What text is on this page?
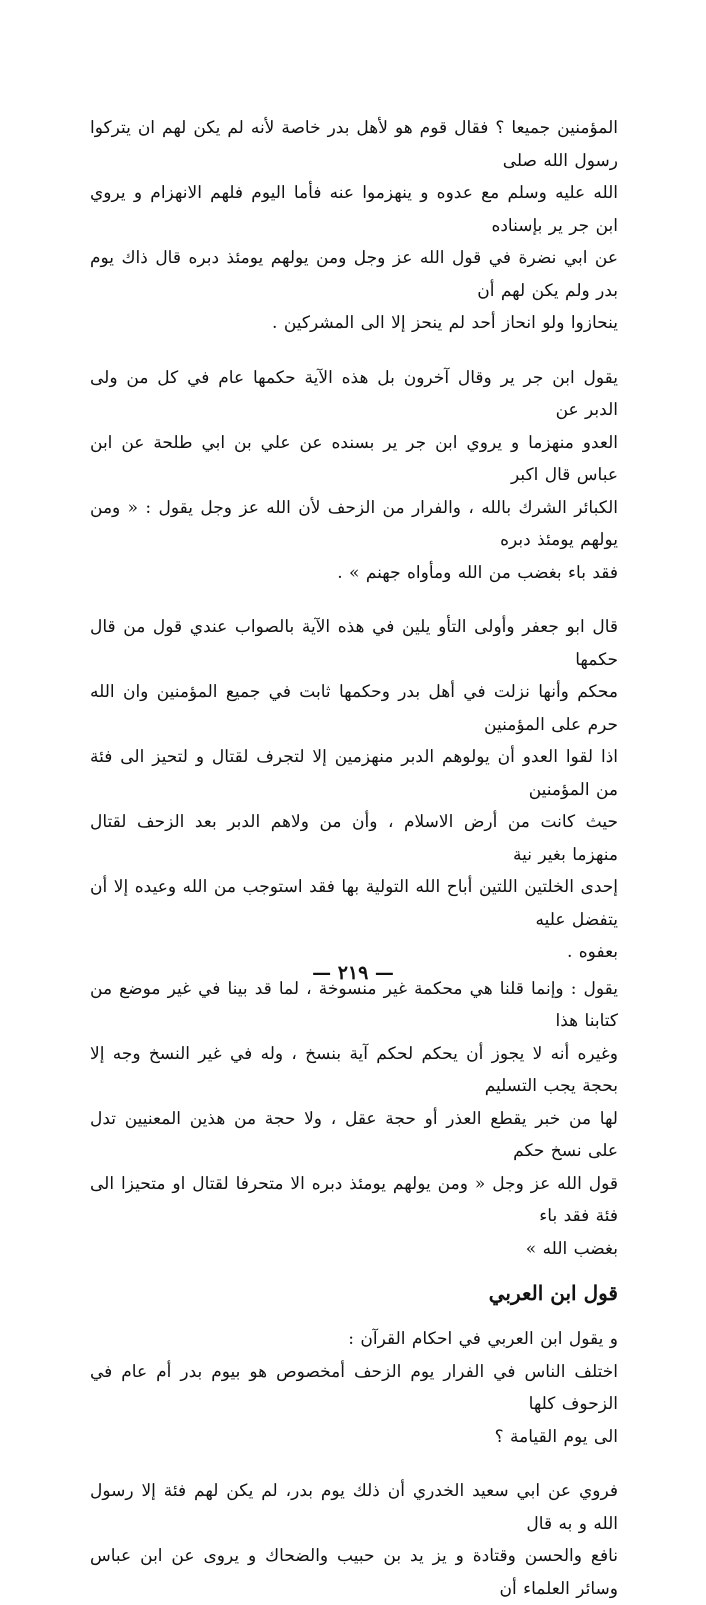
المؤمنين جميعا ؟ فقال قوم هو لأهل بدر خاصة لأنه لم يكن لهم ان يتركوا رسول الله صلى
الله عليه وسلم مع عدوه و ينهزموا عنه فأما اليوم فلهم الانهزام و يروي ابن جر ير بإسناده
عن ابي نضرة في قول الله عز وجل ومن يولهم يومئذ دبره قال ذاك يوم بدر ولم يكن لهم أن
ينحازوا ولو انحاز أحد لم ينحز إلا الى المشركين .

يقول ابن جر ير وقال آخرون بل هذه الآية حكمها عام في كل من ولى الدبر عن
العدو منهزما و يروي ابن جر ير بسنده عن علي بن ابي طلحة عن ابن عباس قال اكبر
الكبائر الشرك بالله ، والفرار من الزحف لأن الله عز وجل يقول : « ومن يولهم يومئذ دبره
فقد باء بغضب من الله ومأواه جهنم » .

قال ابو جعفر وأولى التأو يلين في هذه الآية بالصواب عندي قول من قال حكمها
محكم وأنها نزلت في أهل بدر وحكمها ثابت في جميع المؤمنين وان الله حرم على المؤمنين
اذا لقوا العدو أن يولوهم الدبر منهزمين إلا لتجرف لقتال و لتحيز الى فئة من المؤمنين
حيث كانت من أرض الاسلام ، وأن من ولاهم الدبر بعد الزحف لقتال منهزما بغير نية
إحدى الخلتين اللتين أباح الله التولية بها فقد استوجب من الله وعيده إلا أن يتفضل عليه
بعفوه .

يقول : وإنما قلنا هي محكمة غير منسوخة ، لما قد بينا في غير موضع من كتابنا هذا
وغيره أنه لا يجوز أن يحكم لحكم آية بنسخ ، وله في غير النسخ وجه إلا بحجة يجب التسليم
لها من خبر يقطع العذر أو حجة عقل ، ولا حجة من هذين المعنيين تدل على نسخ حكم
قول الله عز وجل « ومن يولهم يومئذ دبره الا متحرفا لقتال او متحيزا الى فئة فقد باء
بغضب الله »

قول ابن العربي

و يقول ابن العربي في احكام القرآن :
اختلف الناس في الفرار يوم الزحف أمخصوص هو بيوم بدر أم عام في الزحوف كلها
الى يوم القيامة ؟

فروي عن ابي سعيد الخدري أن ذلك يوم بدر، لم يكن لهم فئة إلا رسول الله و به قال
نافع والحسن وقتادة و يز يد بن حبيب والضحاك و يروى عن ابن عباس وسائر العلماء أن

— ٢١٩ —
